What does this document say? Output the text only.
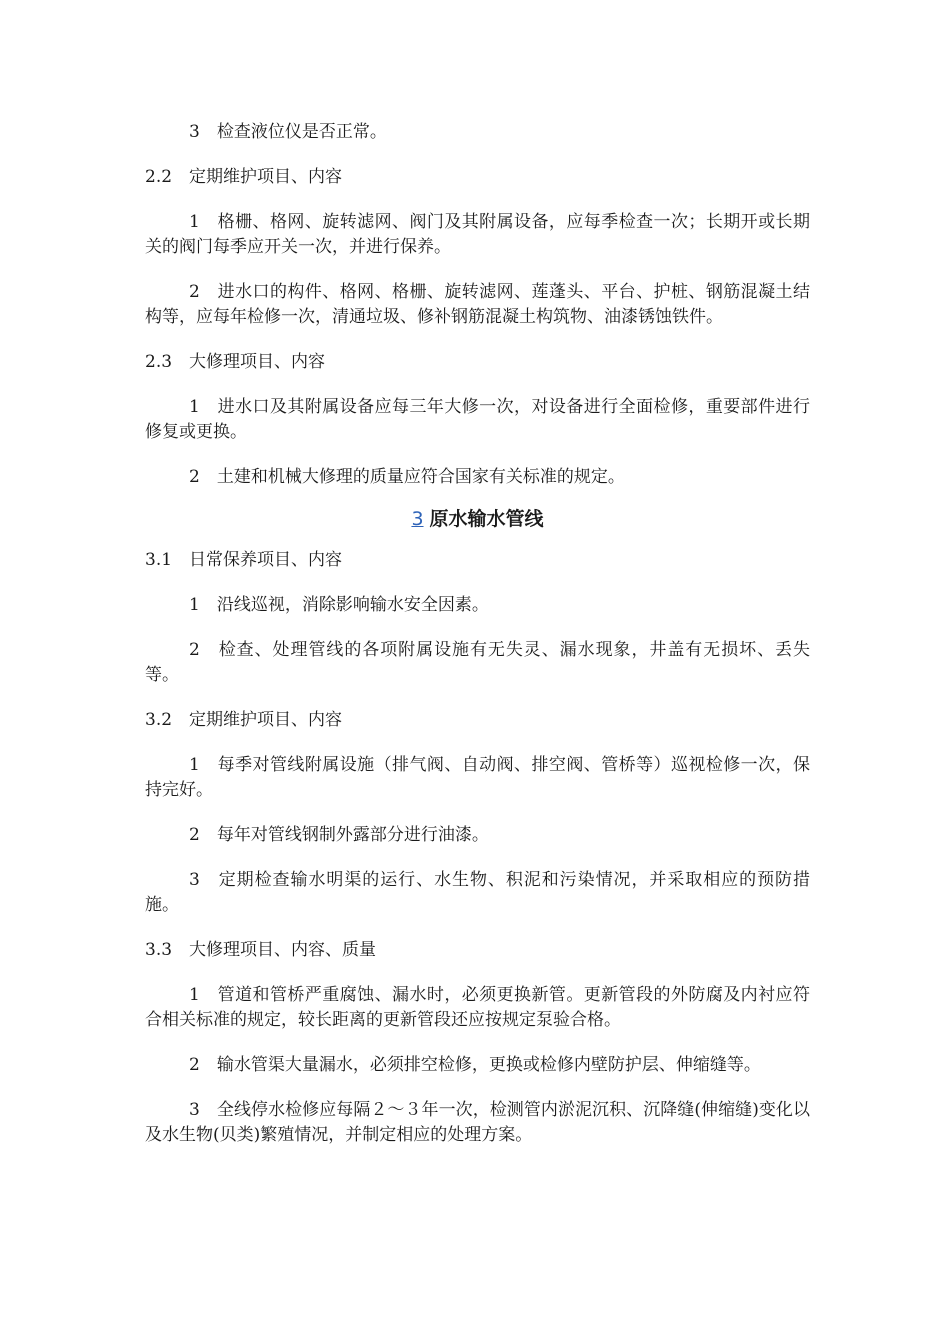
3　检查液位仪是否正常。

2.2　定期维护项目、内容

1　格栅、格网、旋转滤网、阀门及其附属设备，应每季检查一次；长期开或长期关的阀门每季应开关一次，并进行保养。

2　进水口的构件、格网、格栅、旋转滤网、莲蓬头、平台、护桩、钢筋混凝土结构等，应每年检修一次，清通垃圾、修补钢筋混凝土构筑物、油漆锈蚀铁件。

2.3　大修理项目、内容

1　进水口及其附属设备应每三年大修一次，对设备进行全面检修，重要部件进行修复或更换。

2　土建和机械大修理的质量应符合国家有关标准的规定。

3 原水输水管线

3.1　日常保养项目、内容

1　沿线巡视，消除影响输水安全因素。

2　检查、处理管线的各项附属设施有无失灵、漏水现象，井盖有无损坏、丢失等。

3.2　定期维护项目、内容

1　每季对管线附属设施（排气阀、自动阀、排空阀、管桥等）巡视检修一次，保持完好。

2　每年对管线钢制外露部分进行油漆。

3　定期检查输水明渠的运行、水生物、积泥和污染情况，并采取相应的预防措施。

3.3　大修理项目、内容、质量

1　管道和管桥严重腐蚀、漏水时，必须更换新管。更新管段的外防腐及内衬应符合相关标准的规定，较长距离的更新管段还应按规定泵验合格。

2　输水管渠大量漏水，必须排空检修，更换或检修内壁防护层、伸缩缝等。

3　全线停水检修应每隔２～３年一次，检测管内淤泥沉积、沉降缝(伸缩缝)变化以及水生物(贝类)繁殖情况，并制定相应的处理方案。
